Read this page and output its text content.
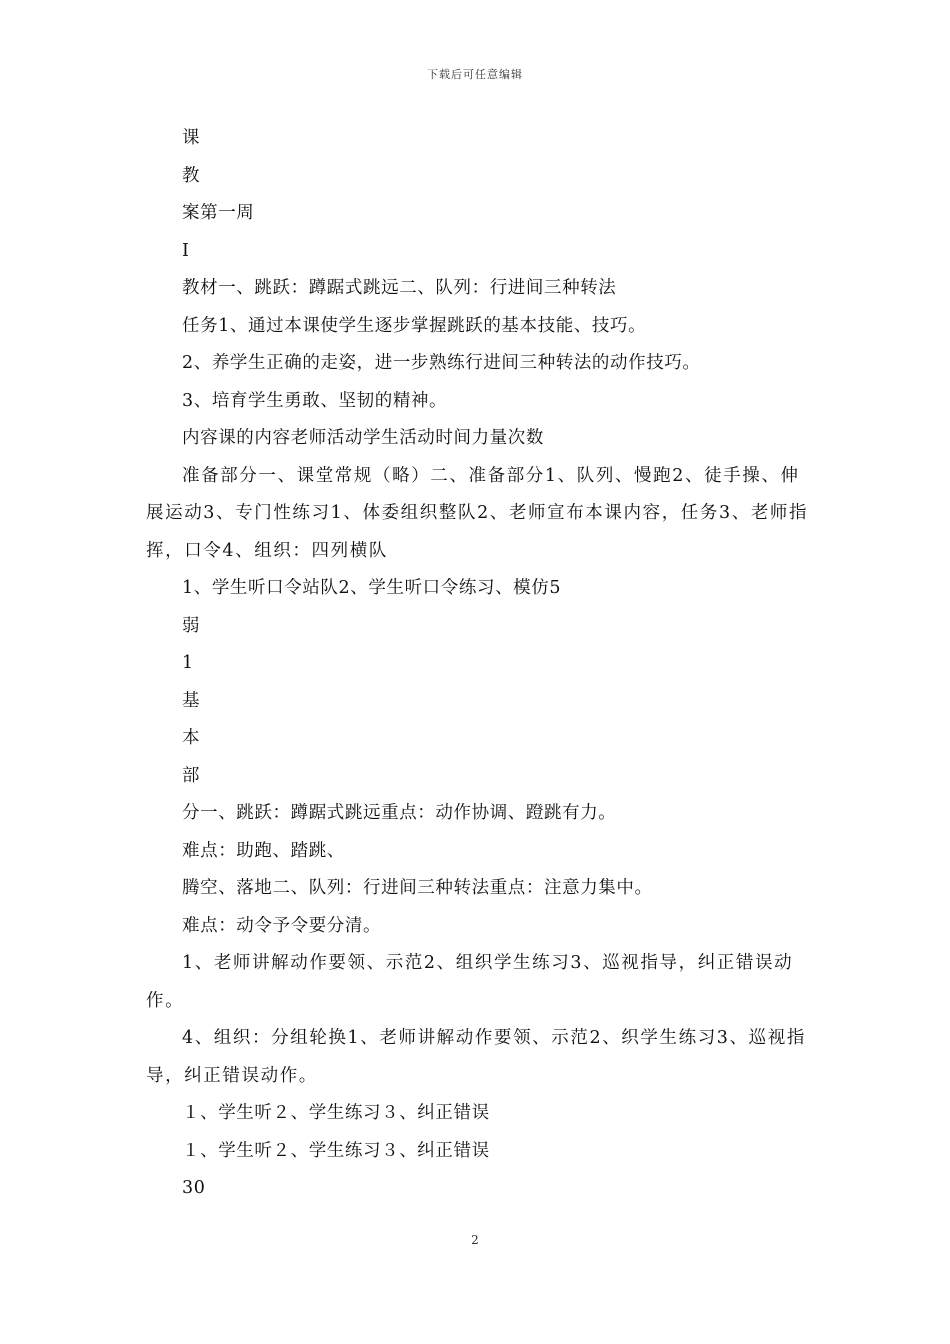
下载后可任意编辑

课

教

案第一周

I

教材一、跳跃：蹲踞式跳远二、队列：行进间三种转法

任务1、通过本课使学生逐步掌握跳跃的基本技能、技巧。

2、养学生正确的走姿，进一步熟练行进间三种转法的动作技巧。

3、培育学生勇敢、坚韧的精神。

内容课的内容老师活动学生活动时间力量次数

准备部分一、课堂常规（略）二、准备部分1、队列、慢跑2、徒手操、伸展运动3、专门性练习1、体委组织整队2、老师宣布本课内容，任务3、老师指挥，口令4、组织：四列横队

1、学生听口令站队2、学生听口令练习、模仿5

弱

1

基

本

部

分一、跳跃：蹲踞式跳远重点：动作协调、蹬跳有力。

难点：助跑、踏跳、

腾空、落地二、队列：行进间三种转法重点：注意力集中。

难点：动令予令要分清。

1、老师讲解动作要领、示范2、组织学生练习3、巡视指导，纠正错误动作。

4、组织：分组轮换1、老师讲解动作要领、示范2、织学生练习3、巡视指导，纠正错误动作。

１、学生听２、学生练习３、纠正错误

１、学生听２、学生练习３、纠正错误

30

2
